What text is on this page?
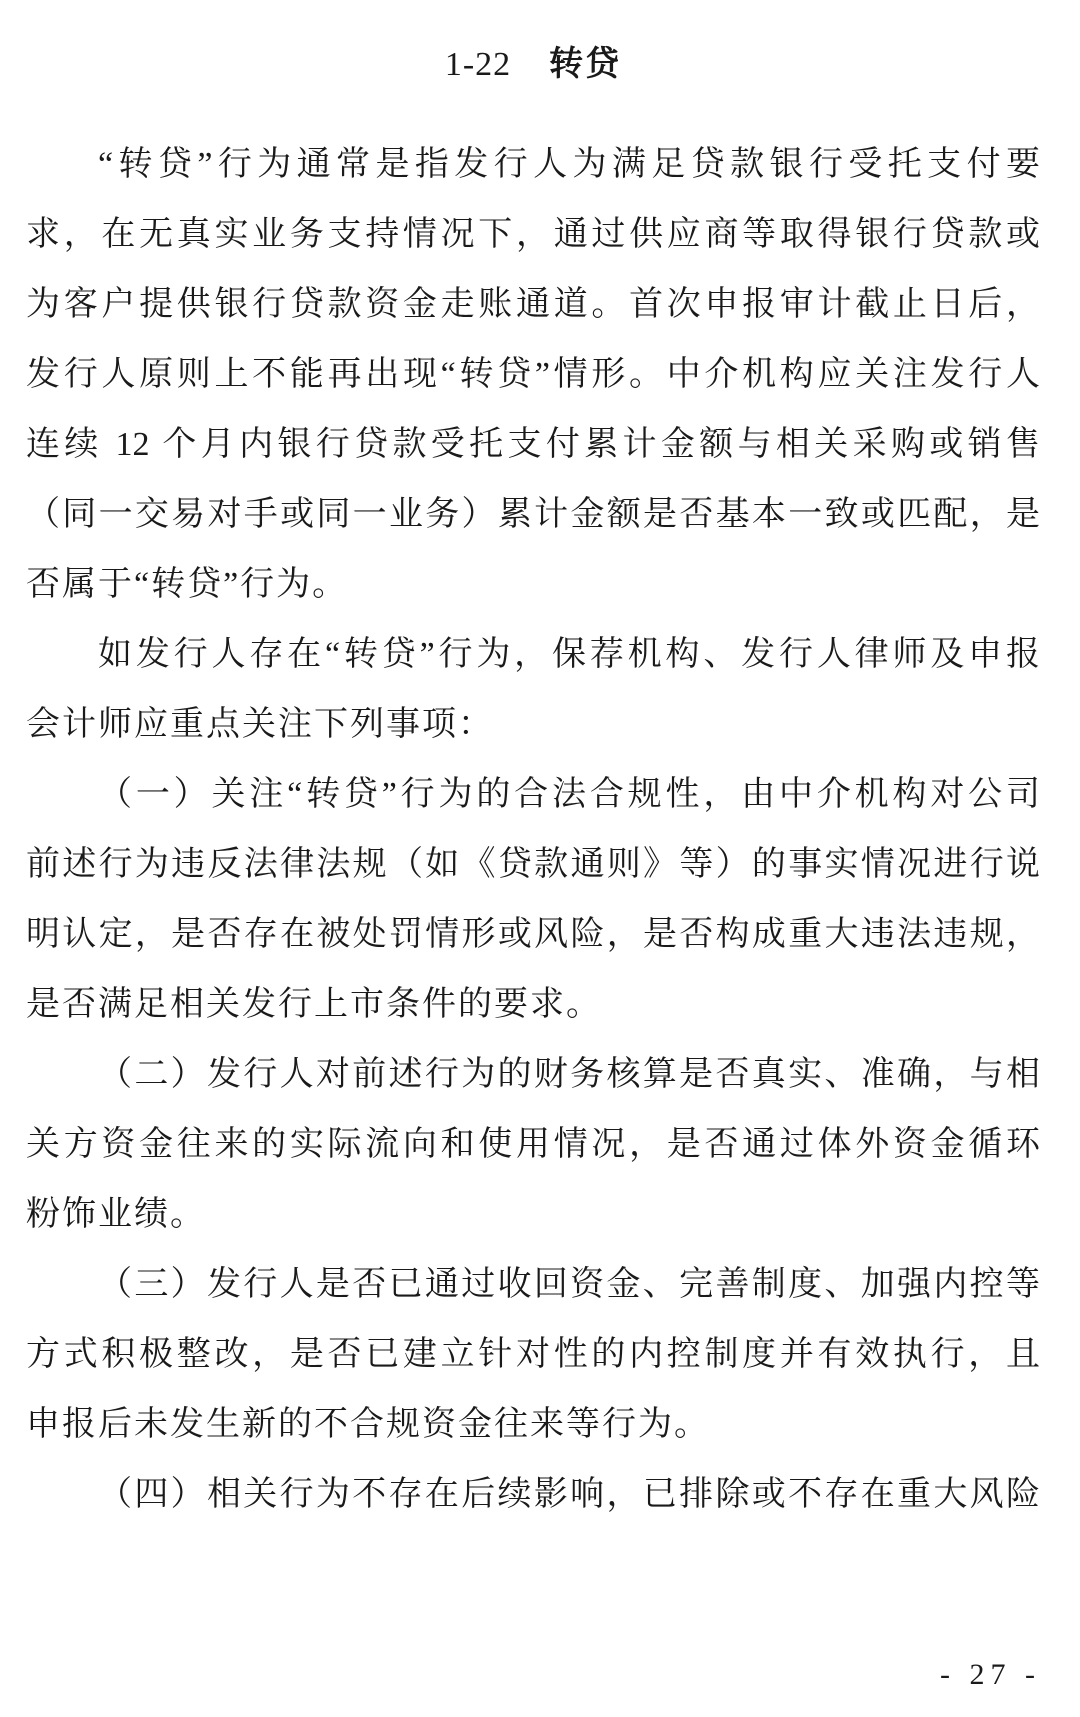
1-22 转贷
“转贷”行为通常是指发行人为满足贷款银行受托支付要
求，在无真实业务支持情况下，通过供应商等取得银行贷款或
为客户提供银行贷款资金走账通道。首次申报审计截止日后，
发行人原则上不能再出现“转贷”情形。中介机构应关注发行人
连续 12 个月内银行贷款受托支付累计金额与相关采购或销售
（同一交易对手或同一业务）累计金额是否基本一致或匹配，是
否属于“转贷”行为。
如发行人存在“转贷”行为，保荐机构、发行人律师及申报
会计师应重点关注下列事项：
（一）关注“转贷”行为的合法合规性，由中介机构对公司
前述行为违反法律法规（如《贷款通则》等）的事实情况进行说
明认定，是否存在被处罚情形或风险，是否构成重大违法违规，
是否满足相关发行上市条件的要求。
（二）发行人对前述行为的财务核算是否真实、准确，与相
关方资金往来的实际流向和使用情况，是否通过体外资金循环
粉饰业绩。
（三）发行人是否已通过收回资金、完善制度、加强内控等
方式积极整改，是否已建立针对性的内控制度并有效执行，且
申报后未发生新的不合规资金往来等行为。
（四）相关行为不存在后续影响，已排除或不存在重大风险
- 27 -
